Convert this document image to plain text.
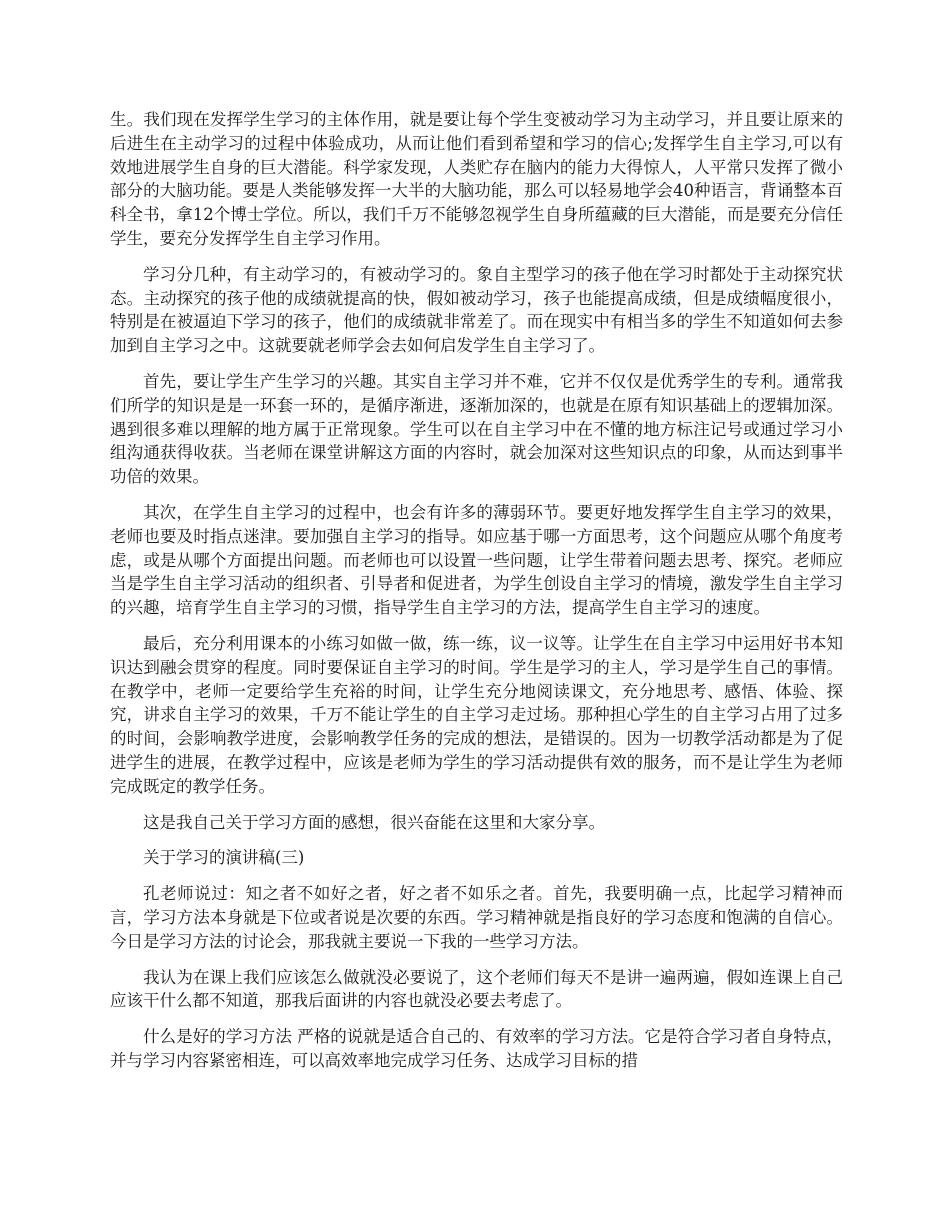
生。我们现在发挥学生学习的主体作用，就是要让每个学生变被动学习为主动学习，并且要让原来的后进生在主动学习的过程中体验成功，从而让他们看到希望和学习的信心;发挥学生自主学习,可以有效地进展学生自身的巨大潜能。科学家发现，人类贮存在脑内的能力大得惊人，人平常只发挥了微小部分的大脑功能。要是人类能够发挥一大半的大脑功能，那么可以轻易地学会40种语言，背诵整本百科全书，拿12个博士学位。所以，我们千万不能够忽视学生自身所蕴藏的巨大潜能，而是要充分信任学生，要充分发挥学生自主学习作用。

学习分几种，有主动学习的，有被动学习的。象自主型学习的孩子他在学习时都处于主动探究状态。主动探究的孩子他的成绩就提高的快，假如被动学习，孩子也能提高成绩，但是成绩幅度很小，特别是在被逼迫下学习的孩子，他们的成绩就非常差了。而在现实中有相当多的学生不知道如何去参加到自主学习之中。这就要就老师学会去如何启发学生自主学习了。

首先，要让学生产生学习的兴趣。其实自主学习并不难，它并不仅仅是优秀学生的专利。通常我们所学的知识是是一环套一环的，是循序渐进，逐渐加深的，也就是在原有知识基础上的逻辑加深。遇到很多难以理解的地方属于正常现象。学生可以在自主学习中在不懂的地方标注记号或通过学习小组沟通获得收获。当老师在课堂讲解这方面的内容时，就会加深对这些知识点的印象，从而达到事半功倍的效果。

其次，在学生自主学习的过程中，也会有许多的薄弱环节。要更好地发挥学生自主学习的效果，老师也要及时指点迷津。要加强自主学习的指导。如应基于哪一方面思考，这个问题应从哪个角度考虑，或是从哪个方面提出问题。而老师也可以设置一些问题，让学生带着问题去思考、探究。老师应当是学生自主学习活动的组织者、引导者和促进者，为学生创设自主学习的情境，激发学生自主学习的兴趣，培育学生自主学习的习惯，指导学生自主学习的方法，提高学生自主学习的速度。

最后，充分利用课本的小练习如做一做，练一练，议一议等。让学生在自主学习中运用好书本知识达到融会贯穿的程度。同时要保证自主学习的时间。学生是学习的主人，学习是学生自己的事情。在教学中，老师一定要给学生充裕的时间，让学生充分地阅读课文，充分地思考、感悟、体验、探究，讲求自主学习的效果，千万不能让学生的自主学习走过场。那种担心学生的自主学习占用了过多的时间，会影响教学进度，会影响教学任务的完成的想法，是错误的。因为一切教学活动都是为了促进学生的进展，在教学过程中，应该是老师为学生的学习活动提供有效的服务，而不是让学生为老师完成既定的教学任务。

这是我自己关于学习方面的感想，很兴奋能在这里和大家分享。

关于学习的演讲稿(三)

孔老师说过：知之者不如好之者，好之者不如乐之者。首先，我要明确一点，比起学习精神而言，学习方法本身就是下位或者说是次要的东西。学习精神就是指良好的学习态度和饱满的自信心。今日是学习方法的讨论会，那我就主要说一下我的一些学习方法。

我认为在课上我们应该怎么做就没必要说了，这个老师们每天不是讲一遍两遍，假如连课上自己应该干什么都不知道，那我后面讲的内容也就没必要去考虑了。

什么是好的学习方法 严格的说就是适合自己的、有效率的学习方法。它是符合学习者自身特点，并与学习内容紧密相连，可以高效率地完成学习任务、达成学习目标的措
